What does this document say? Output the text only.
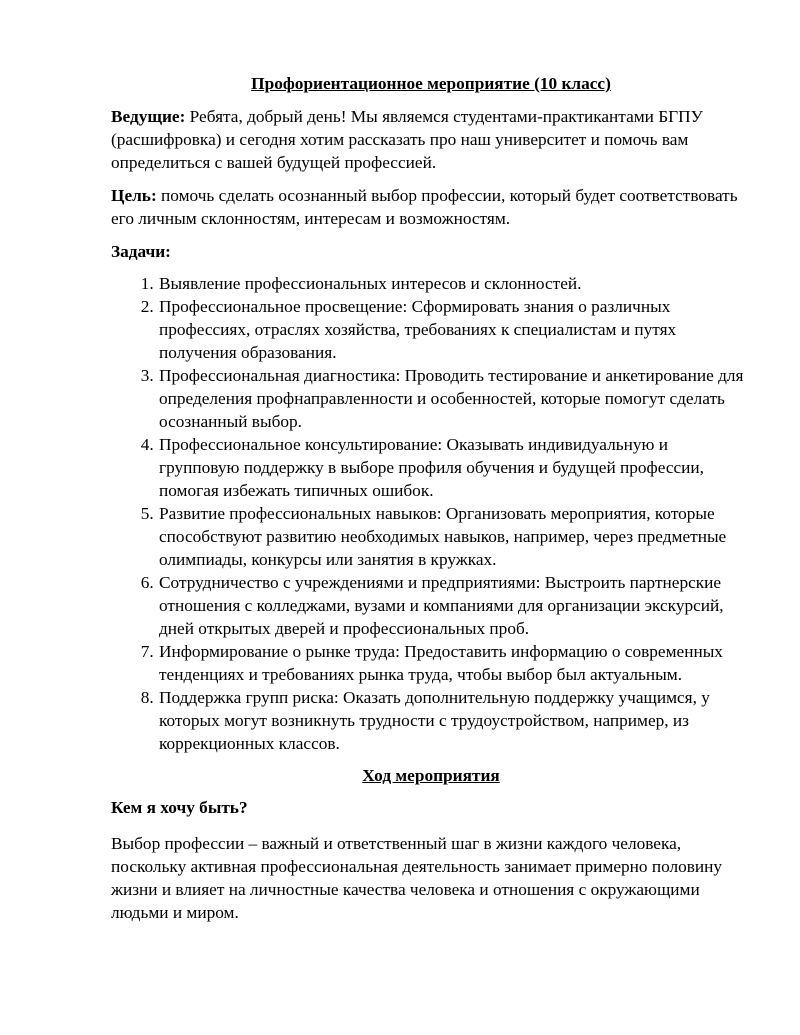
Профориентационное мероприятие (10 класс)

Ведущие: Ребята, добрый день! Мы являемся студентами-практикантами БГПУ (расшифровка) и сегодня хотим рассказать про наш университет и помочь вам определиться с вашей будущей профессией.

Цель: помочь сделать осознанный выбор профессии, который будет соответствовать его личным склонностям, интересам и возможностям.

Задачи:
1. Выявление профессиональных интересов и склонностей.
2. Профессиональное просвещение: Сформировать знания о различных профессиях, отраслях хозяйства, требованиях к специалистам и путях получения образования.
3. Профессиональная диагностика: Проводить тестирование и анкетирование для определения профнаправленности и особенностей, которые помогут сделать осознанный выбор.
4. Профессиональное консультирование: Оказывать индивидуальную и групповую поддержку в выборе профиля обучения и будущей профессии, помогая избежать типичных ошибок.
5. Развитие профессиональных навыков: Организовать мероприятия, которые способствуют развитию необходимых навыков, например, через предметные олимпиады, конкурсы или занятия в кружках.
6. Сотрудничество с учреждениями и предприятиями: Выстроить партнерские отношения с колледжами, вузами и компаниями для организации экскурсий, дней открытых дверей и профессиональных проб.
7. Информирование о рынке труда: Предоставить информацию о современных тенденциях и требованиях рынка труда, чтобы выбор был актуальным.
8. Поддержка групп риска: Оказать дополнительную поддержку учащимся, у которых могут возникнуть трудности с трудоустройством, например, из коррекционных классов.
Ход мероприятия
Кем я хочу быть?

Выбор профессии – важный и ответственный шаг в жизни каждого человека, поскольку активная профессиональная деятельность занимает примерно половину жизни и влияет на личностные качества человека и отношения с окружающими людьми и миром.
